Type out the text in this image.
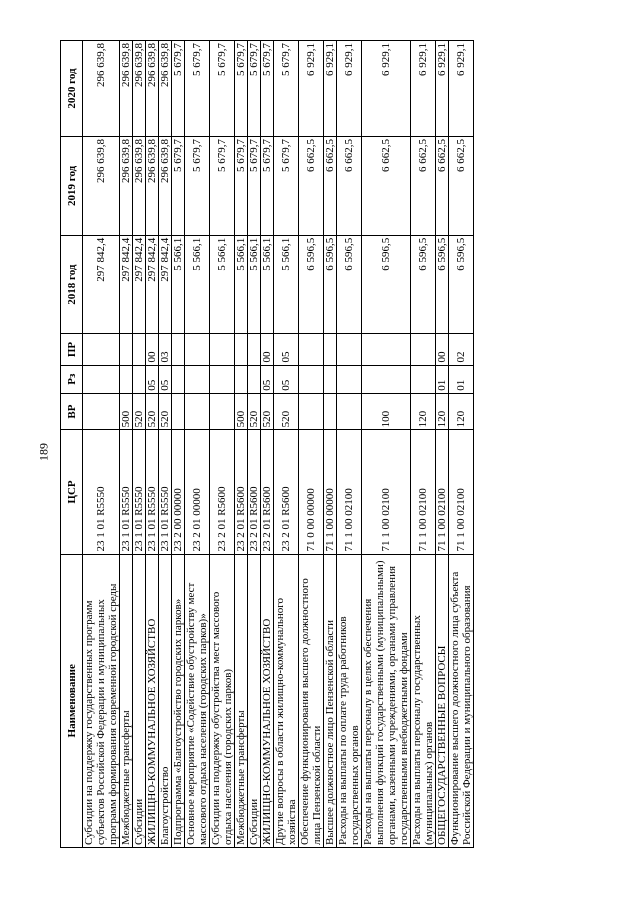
189
Наименование	ЦСР	ВР	Рз	ПР	2018 год	2019 год	2020 год
Субсидии на поддержку государственных программ субъектов Российской Федерации и муниципальных программ формирования современной городской среды	23 1 01 R5550				297 842,4	296 639,8	296 639,8
Межбюджетные трансферты	23 1 01 R5550	500			297 842,4	296 639,8	296 639,8
Субсидии	23 1 01 R5550	520			297 842,4	296 639,8	296 639,8
ЖИЛИЩНО-КОММУНАЛЬНОЕ ХОЗЯЙСТВО	23 1 01 R5550	520	05	00	297 842,4	296 639,8	296 639,8
Благоустройство	23 1 01 R5550	520	05	03	297 842,4	296 639,8	296 639,8
Подпрограмма «Благоустройство городских парков»	23 2 00 00000				5 566,1	5 679,7	5 679,7
Основное мероприятие «Содействие обустройству мест массового отдыха населения (городских парков)»	23 2 01 00000				5 566,1	5 679,7	5 679,7
Субсидии на поддержку обустройства мест массового отдыха населения (городских парков)	23 2 01 R5600				5 566,1	5 679,7	5 679,7
Межбюджетные трансферты	23 2 01 R5600	500			5 566,1	5 679,7	5 679,7
Субсидии	23 2 01 R5600	520			5 566,1	5 679,7	5 679,7
ЖИЛИЩНО-КОММУНАЛЬНОЕ ХОЗЯЙСТВО	23 2 01 R5600	520	05	00	5 566,1	5 679,7	5 679,7
Другие вопросы в области жилищно-коммунального хозяйства	23 2 01 R5600	520	05	05	5 566,1	5 679,7	5 679,7
Обеспечение функционирования высшего должностного лица Пензенской области	71 0 00 00000				6 596,5	6 662,5	6 929,1
Высшее должностное лицо Пензенской области	71 1 00 00000				6 596,5	6 662,5	6 929,1
Расходы на выплаты по оплате труда работников государственных органов	71 1 00 02100				6 596,5	6 662,5	6 929,1
Расходы на выплаты персоналу в целях обеспечения выполнения функций государственными (муниципальными) органами, казенными учреждениями, органами управления государственными внебюджетными фондами	71 1 00 02100	100			6 596,5	6 662,5	6 929,1
Расходы на выплаты персоналу государственных (муниципальных) органов	71 1 00 02100	120			6 596,5	6 662,5	6 929,1
ОБЩЕГОСУДАРСТВЕННЫЕ ВОПРОСЫ	71 1 00 02100	120	01	00	6 596,5	6 662,5	6 929,1
Функционирование высшего должностного лица субъекта Российской Федерации и муниципального образования	71 1 00 02100	120	01	02	6 596,5	6 662,5	6 929,1
